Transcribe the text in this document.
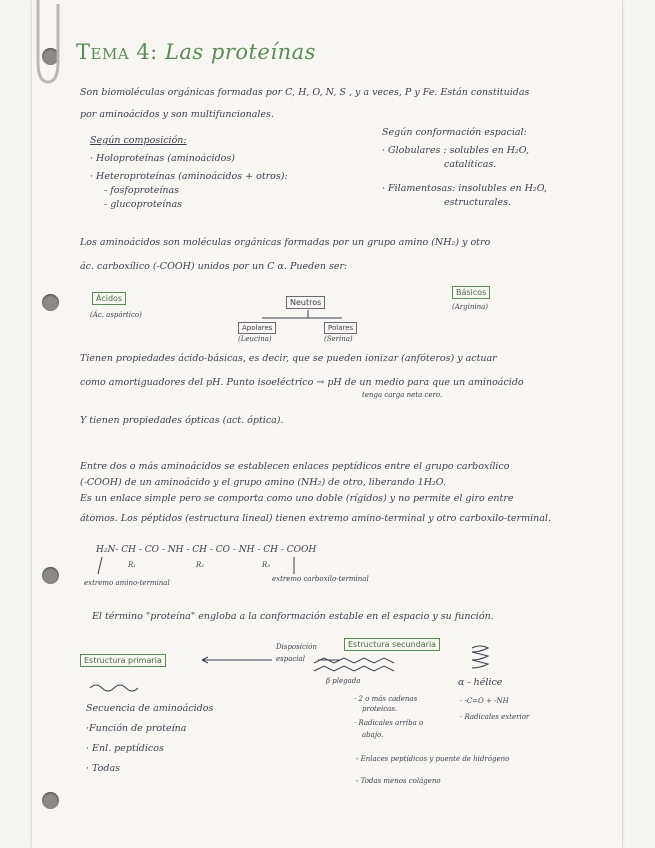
Tema 4: Las proteínas
Son biomoléculas orgánicas formadas por C, H, O, N, S , y a veces, P y Fe. Están constituidas
por aminoácidos y son multifuncionales.
Según composición:
· Holoproteínas (aminoácidos)
· Heteroproteínas (aminoácidos + otros):
- fosfoproteínas
- glucoproteínas
Según conformación espacial:
· Globulares : solubles en H₂O,
catalíticas.
· Filamentosas: insolubles en H₂O,
estructurales.
Los aminoácidos son moléculas orgánicas formadas por un grupo amino (NH₂) y otro
ác. carboxílico (-COOH) unidos por un C α. Pueden ser:
Ácidos
(Ác. aspártico)
Neutros
Básicos
(Arginina)
Apolares
(Leucina)
Polares
(Serina)
Tienen propiedades ácido-básicas, es decir, que se pueden ionizar (anfóteros) y actuar
como amortiguadores del pH. Punto isoeléctrico → pH de un medio para que un aminoácido
tenga carga neta cero.
Y tienen propiedades ópticas (act. óptica).
Entre dos o más aminoácidos se establecen enlaces peptídicos entre el grupo carboxílico
(-COOH) de un aminoácido y el grupo amino (NH₂) de otro, liberando 1H₂O.
Es un enlace simple pero se comporta como uno doble (rígidos) y no permite el giro entre
átomos. Los péptidos (estructura lineal) tienen extremo amino-terminal y otro carboxilo-terminal.
H₂N- CH - CO - NH - CH - CO - NH - CH - COOH
R₁	R₂	R₃
extremo amino-terminal	extremo carboxilo-terminal
El término "proteína" engloba a la conformación estable en el espacio y su función.
Estructura primaria
Disposición
espacial
Estructura secundaria
Secuencia de aminoácidos
·Función de proteína
· Enl. peptídicos
· Todas
β plegada
· 2 o más cadenas
proteicas.
· Radicales arriba o
abajo.
α - hélice
· -C=O + -NH
· Radicales exterior
- Enlaces peptídicos y puente de hidrógeno
- Todas menos colágeno
